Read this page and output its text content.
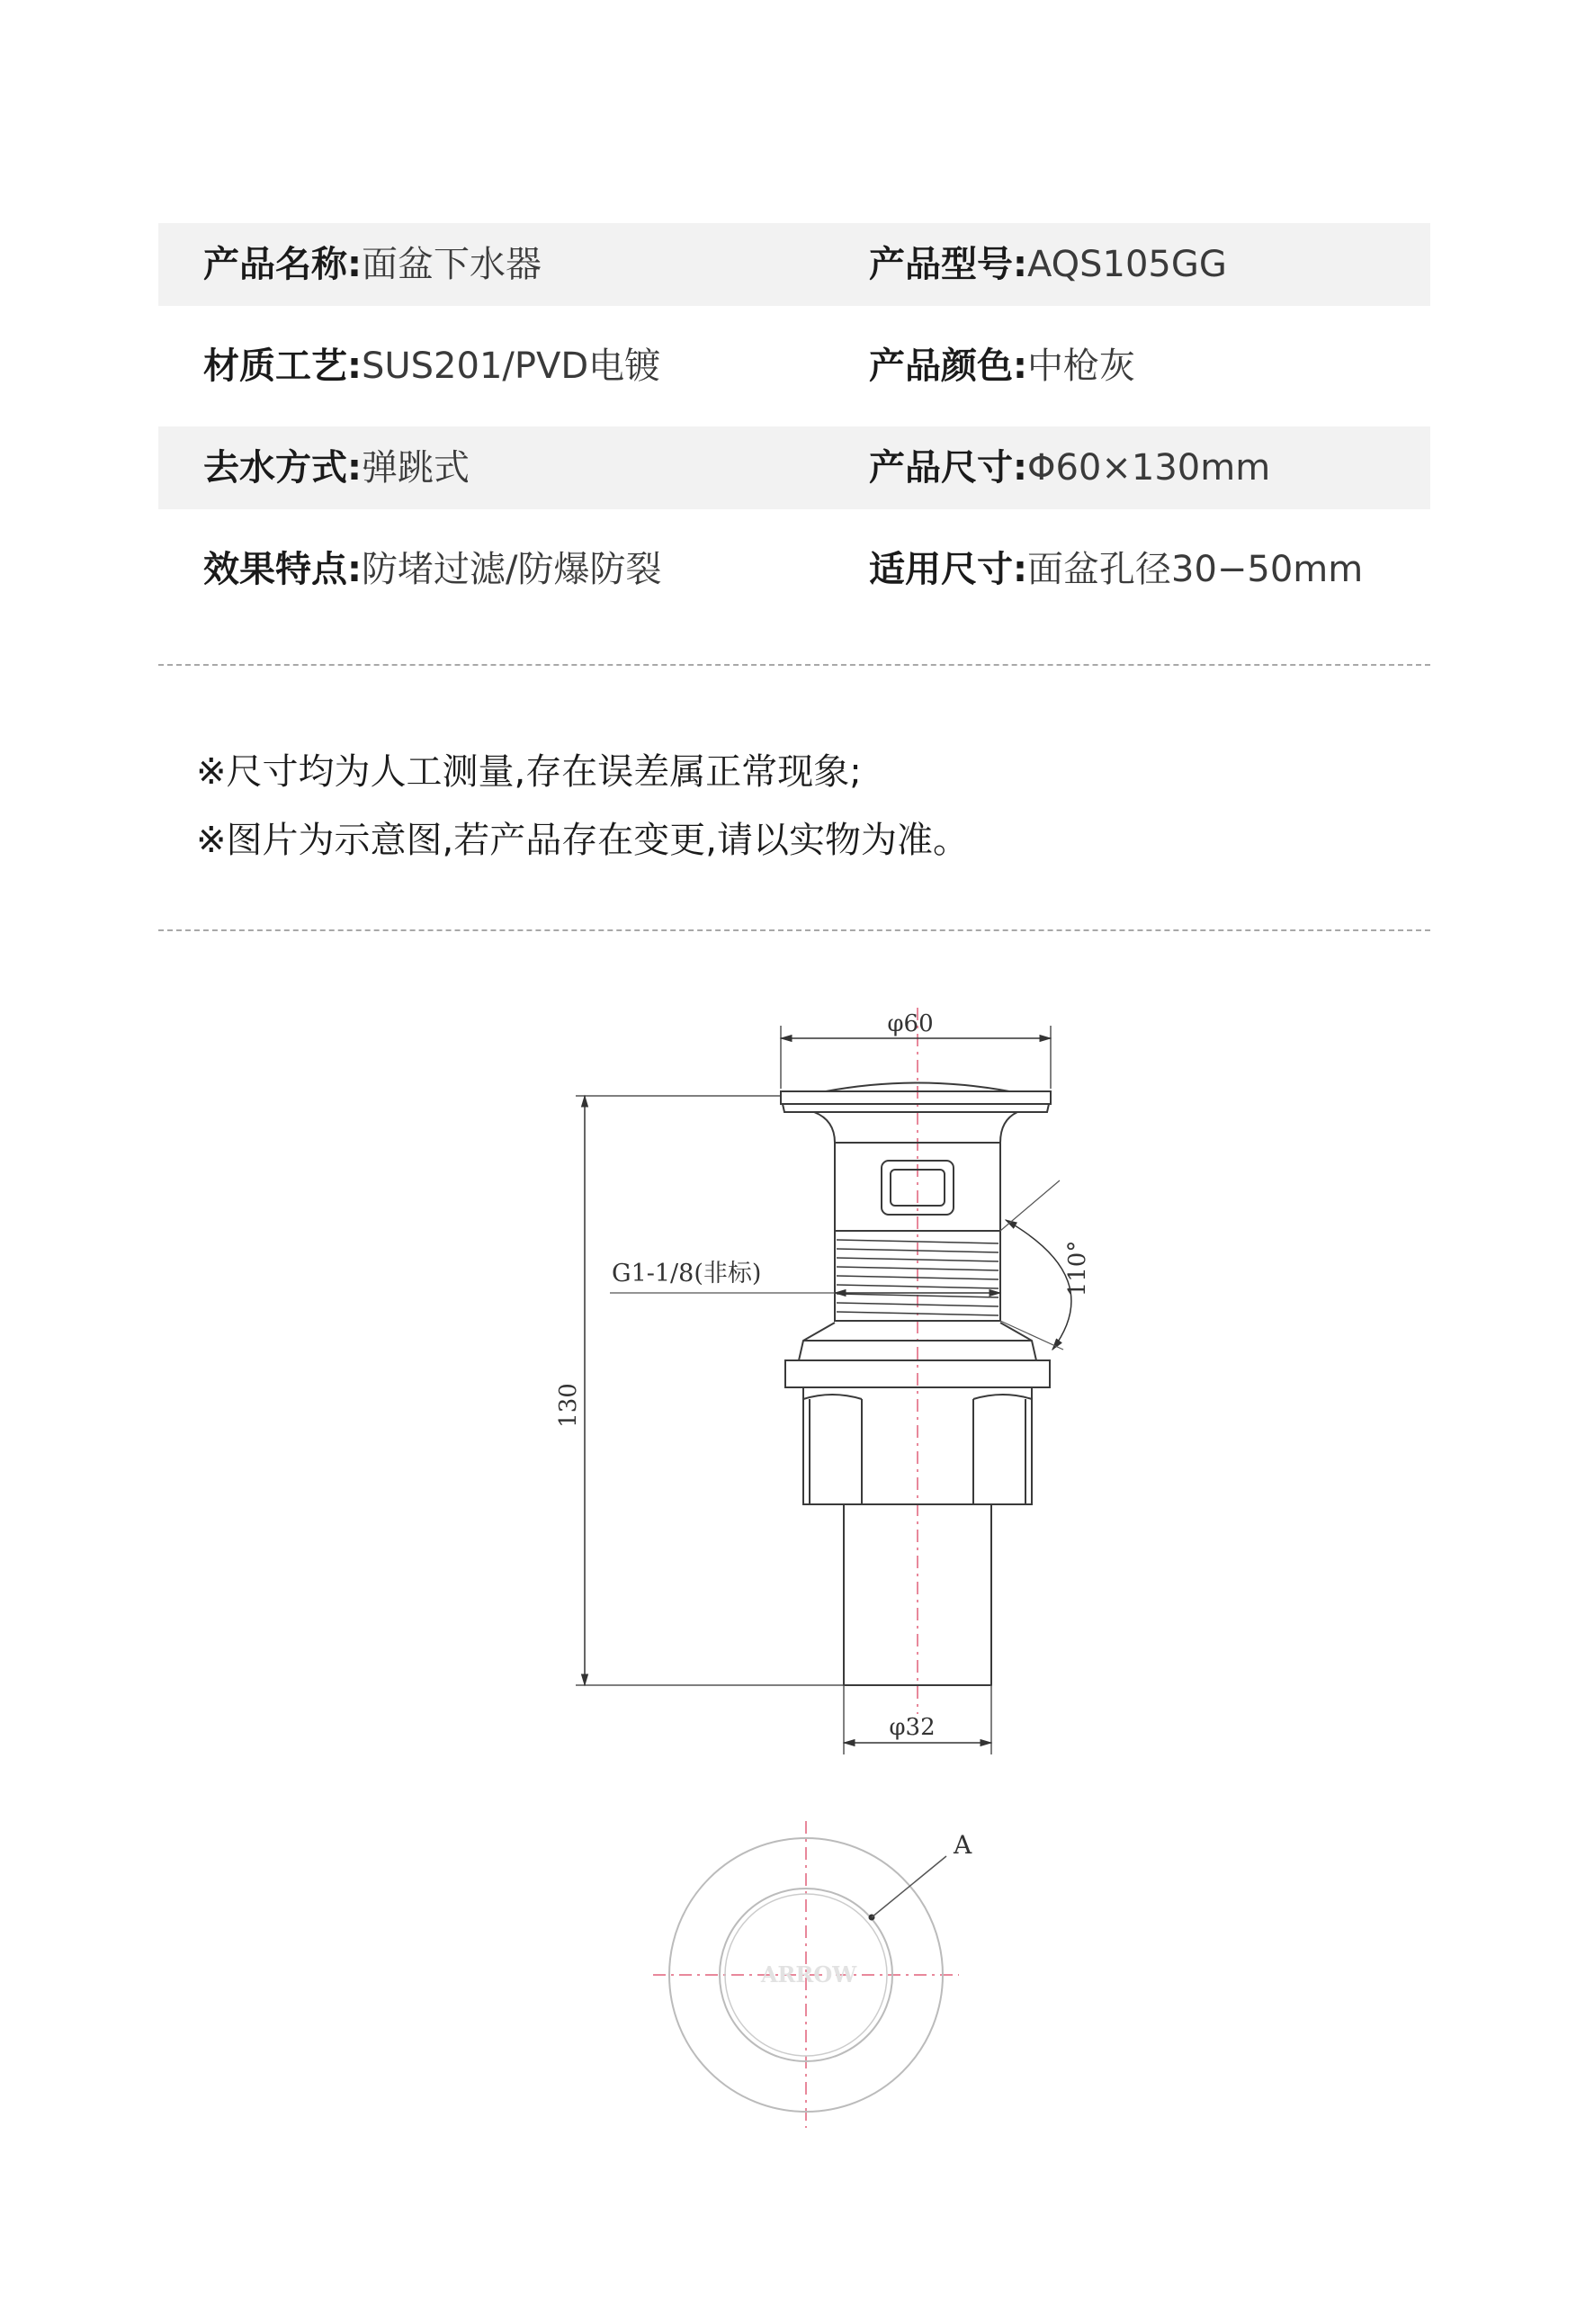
产品名称:面盆下水器	产品型号:AQS105GG
材质工艺:SUS201/PVD电镀	产品颜色:中枪灰
去水方式:弹跳式	产品尺寸:Φ60×130mm
效果特点:防堵过滤/防爆防裂	适用尺寸:面盆孔径30−50mm
※尺寸均为人工测量,存在误差属正常现象;
※图片为示意图,若产品存在变更,请以实物为准。
φ60
130
G1-1/8(非标)	110°
φ32
ARROW
A
